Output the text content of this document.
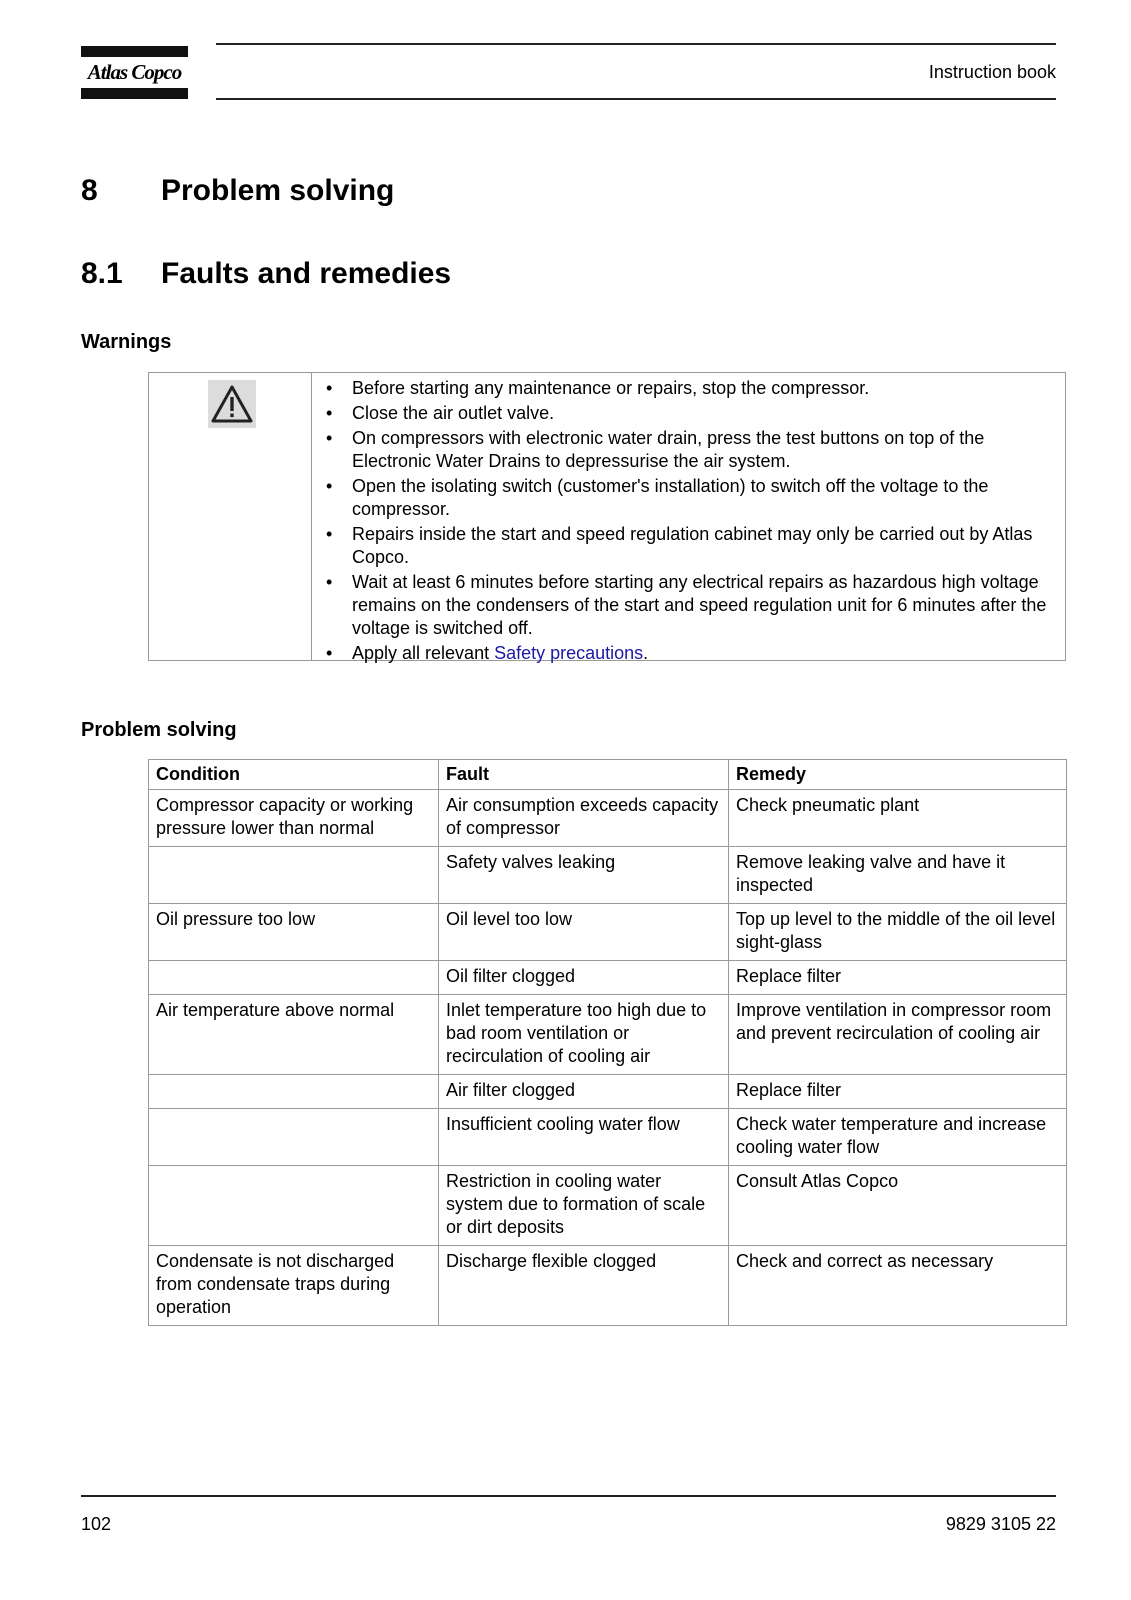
Atlas Copco	Instruction book
8 Problem solving
8.1 Faults and remedies
Warnings
• Before starting any maintenance or repairs, stop the compressor.
• Close the air outlet valve.
• On compressors with electronic water drain, press the test buttons on top of the Electronic Water Drains to depressurise the air system.
• Open the isolating switch (customer's installation) to switch off the voltage to the compressor.
• Repairs inside the start and speed regulation cabinet may only be carried out by Atlas Copco.
• Wait at least 6 minutes before starting any electrical repairs as hazardous high voltage remains on the condensers of the start and speed regulation unit for 6 minutes after the voltage is switched off.
• Apply all relevant Safety precautions.
Problem solving
Condition	Fault	Remedy
Compressor capacity or working pressure lower than normal	Air consumption exceeds capacity of compressor	Check pneumatic plant
	Safety valves leaking	Remove leaking valve and have it inspected
Oil pressure too low	Oil level too low	Top up level to the middle of the oil level sight-glass
	Oil filter clogged	Replace filter
Air temperature above normal	Inlet temperature too high due to bad room ventilation or recirculation of cooling air	Improve ventilation in compressor room and prevent recirculation of cooling air
	Air filter clogged	Replace filter
	Insufficient cooling water flow	Check water temperature and increase cooling water flow
	Restriction in cooling water system due to formation of scale or dirt deposits	Consult Atlas Copco
Condensate is not discharged from condensate traps during operation	Discharge flexible clogged	Check and correct as necessary
102	9829 3105 22
